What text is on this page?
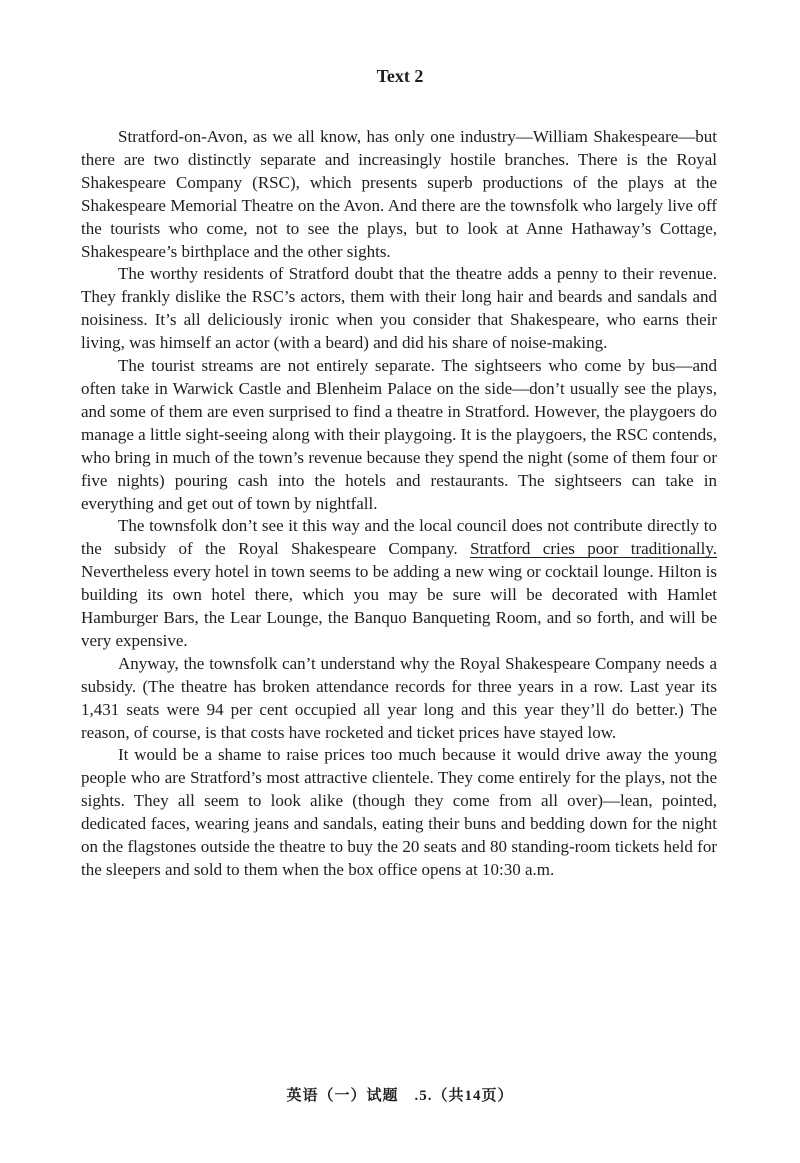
Text 2

Stratford-on-Avon, as we all know, has only one industry—William Shakespeare—but there are two distinctly separate and increasingly hostile branches. There is the Royal Shakespeare Company (RSC), which presents superb productions of the plays at the Shakespeare Memorial Theatre on the Avon. And there are the townsfolk who largely live off the tourists who come, not to see the plays, but to look at Anne Hathaway’s Cottage, Shakespeare’s birthplace and the other sights.

The worthy residents of Stratford doubt that the theatre adds a penny to their revenue. They frankly dislike the RSC’s actors, them with their long hair and beards and sandals and noisiness. It’s all deliciously ironic when you consider that Shakespeare, who earns their living, was himself an actor (with a beard) and did his share of noise-making.

The tourist streams are not entirely separate. The sightseers who come by bus—and often take in Warwick Castle and Blenheim Palace on the side—don’t usually see the plays, and some of them are even surprised to find a theatre in Stratford. However, the playgoers do manage a little sight-seeing along with their playgoing. It is the playgoers, the RSC contends, who bring in much of the town’s revenue because they spend the night (some of them four or five nights) pouring cash into the hotels and restaurants. The sightseers can take in everything and get out of town by nightfall.

The townsfolk don’t see it this way and the local council does not contribute directly to the subsidy of the Royal Shakespeare Company. Stratford cries poor traditionally. Nevertheless every hotel in town seems to be adding a new wing or cocktail lounge. Hilton is building its own hotel there, which you may be sure will be decorated with Hamlet Hamburger Bars, the Lear Lounge, the Banquo Banqueting Room, and so forth, and will be very expensive.

Anyway, the townsfolk can’t understand why the Royal Shakespeare Company needs a subsidy. (The theatre has broken attendance records for three years in a row. Last year its 1,431 seats were 94 per cent occupied all year long and this year they’ll do better.) The reason, of course, is that costs have rocketed and ticket prices have stayed low.

It would be a shame to raise prices too much because it would drive away the young people who are Stratford’s most attractive clientele. They come entirely for the plays, not the sights. They all seem to look alike (though they come from all over)—lean, pointed, dedicated faces, wearing jeans and sandals, eating their buns and bedding down for the night on the flagstones outside the theatre to buy the 20 seats and 80 standing-room tickets held for the sleepers and sold to them when the box office opens at 10:30 a.m.

英语（一）试题　.5.（共14页）
